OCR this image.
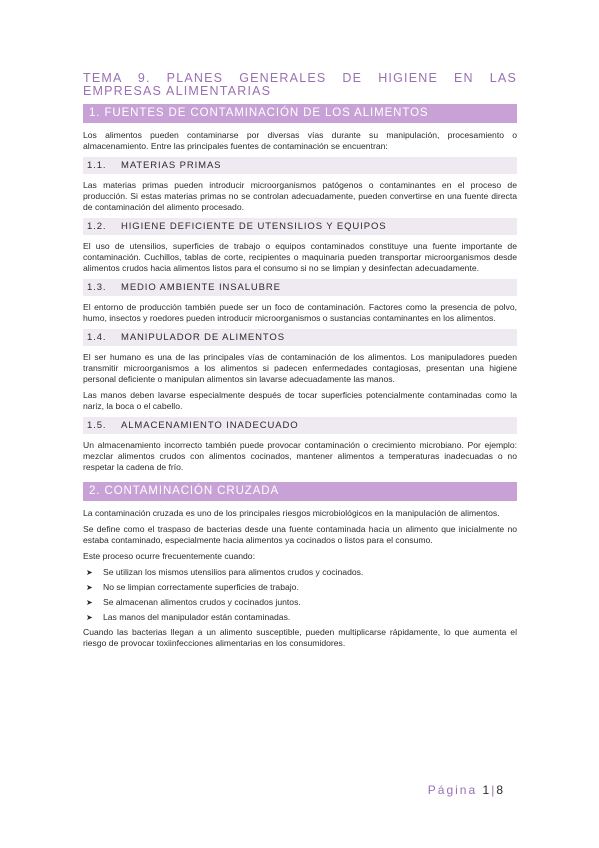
TEMA 9. PLANES GENERALES DE HIGIENE EN LAS EMPRESAS ALIMENTARIAS
1. FUENTES DE CONTAMINACIÓN DE LOS ALIMENTOS

Los alimentos pueden contaminarse por diversas vías durante su manipulación, procesamiento o almacenamiento. Entre las principales fuentes de contaminación se encuentran:

1.1. MATERIAS PRIMAS

Las materias primas pueden introducir microorganismos patógenos o contaminantes en el proceso de producción. Si estas materias primas no se controlan adecuadamente, pueden convertirse en una fuente directa de contaminación del alimento procesado.

1.2. HIGIENE DEFICIENTE DE UTENSILIOS Y EQUIPOS

El uso de utensilios, superficies de trabajo o equipos contaminados constituye una fuente importante de contaminación. Cuchillos, tablas de corte, recipientes o maquinaria pueden transportar microorganismos desde alimentos crudos hacia alimentos listos para el consumo si no se limpian y desinfectan adecuadamente.

1.3. MEDIO AMBIENTE INSALUBRE

El entorno de producción también puede ser un foco de contaminación. Factores como la presencia de polvo, humo, insectos y roedores pueden introducir microorganismos o sustancias contaminantes en los alimentos.

1.4. MANIPULADOR DE ALIMENTOS

El ser humano es una de las principales vías de contaminación de los alimentos. Los manipuladores pueden transmitir microorganismos a los alimentos si padecen enfermedades contagiosas, presentan una higiene personal deficiente o manipulan alimentos sin lavarse adecuadamente las manos.

Las manos deben lavarse especialmente después de tocar superficies potencialmente contaminadas como la nariz, la boca o el cabello.

1.5. ALMACENAMIENTO INADECUADO

Un almacenamiento incorrecto también puede provocar contaminación o crecimiento microbiano. Por ejemplo: mezclar alimentos crudos con alimentos cocinados, mantener alimentos a temperaturas inadecuadas o no respetar la cadena de frío.

2. CONTAMINACIÓN CRUZADA

La contaminación cruzada es uno de los principales riesgos microbiológicos en la manipulación de alimentos.

Se define como el traspaso de bacterias desde una fuente contaminada hacia un alimento que inicialmente no estaba contaminado, especialmente hacia alimentos ya cocinados o listos para el consumo.

Este proceso ocurre frecuentemente cuando:

➤ Se utilizan los mismos utensilios para alimentos crudos y cocinados.
➤ No se limpian correctamente superficies de trabajo.
➤ Se almacenan alimentos crudos y cocinados juntos.
➤ Las manos del manipulador están contaminadas.

Cuando las bacterias llegan a un alimento susceptible, pueden multiplicarse rápidamente, lo que aumenta el riesgo de provocar toxiinfecciones alimentarias en los consumidores.

Página 1|8
